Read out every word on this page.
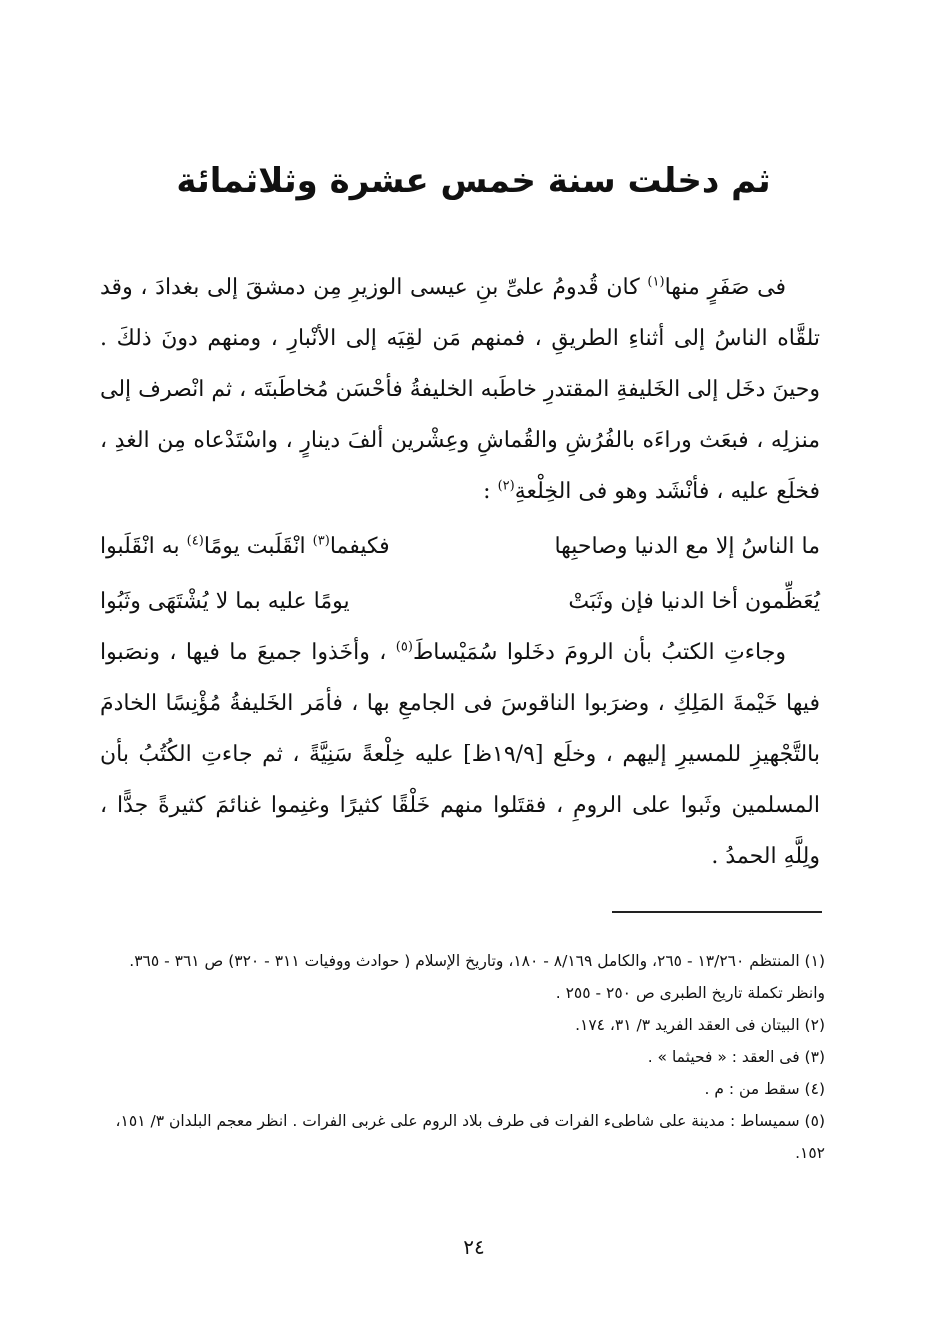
ثم دخلت سنة خمس عشرة وثلاثمائة

فى صَفَرٍ منها$^{(١)}$ كان قُدومُ علىِّ بنِ عيسى الوزيرِ مِن دمشقَ إلى بغدادَ ، وقد تلقَّاه الناسُ إلى أثناءِ الطريقِ ، فمنهم مَن لقِيَه إلى الأنْبارِ ، ومنهم دونَ ذلكَ . وحينَ دخَل إلى الخَليفةِ المقتدرِ خاطَبه الخليفةُ فأحْسَن مُخاطَبتَه ، ثم انْصرف إلى منزلِه ، فبعَث وراءَه بالفُرُشِ والقُماشِ وعِشْرين ألفَ دينارٍ ، واسْتَدْعاه مِن الغدِ ، فخلَع عليه ، فأنْشَد وهو فى الخِلْعةِ$^{(٢)}$ :

ما الناسُ إلا مع الدنيا وصاحبِها
فكيفما$^{(٣)}$ انْقَلَبت يومًا$^{(٤)}$ به انْقَلَبوا
يُعَظِّمون أخا الدنيا فإن وثَبَتْ
يومًا عليه بما لا يُشْتَهَى وثَبُوا

وجاءتِ الكتبُ بأن الرومَ دخَلوا سُمَيْساطَ$^{(٥)}$ ، وأخَذوا جميعَ ما فيها ، ونصَبوا فيها خَيْمةَ المَلِكِ ، وضرَبوا الناقوسَ فى الجامعِ بها ، فأمَر الخَليفةُ مُؤْنِسًا الخادمَ بالتَّجْهيزِ للمسيرِ إليهم ، وخلَع [١٩/٩ظ] عليه خِلْعةً سَنِيَّةً ، ثم جاءتِ الكُتُبُ بأن المسلمين وثَبوا على الرومِ ، فقتَلوا منهم خَلْقًا كثيرًا وغنِموا غنائمَ كثيرةً جدًّا ، ولِلَّهِ الحمدُ .

(١) المنتظم ١٣/٢٦٠ - ٢٦٥، والكامل ٨/١٦٩ - ١٨٠، وتاريخ الإسلام ( حوادث ووفيات ٣١١ - ٣٢٠) ص ٣٦١ - ٣٦٥. وانظر تكملة تاريخ الطبرى ص ٢٥٠ - ٢٥٥ .

(٢) البيتان فى العقد الفريد ٣/ ٣١، ١٧٤.

(٣) فى العقد : « فحيثما » .

(٤) سقط من : م .

(٥) سميساط : مدينة على شاطىء الفرات فى طرف بلاد الروم على غربى الفرات . انظر معجم البلدان ٣/ ١٥١، ١٥٢.

٢٤
